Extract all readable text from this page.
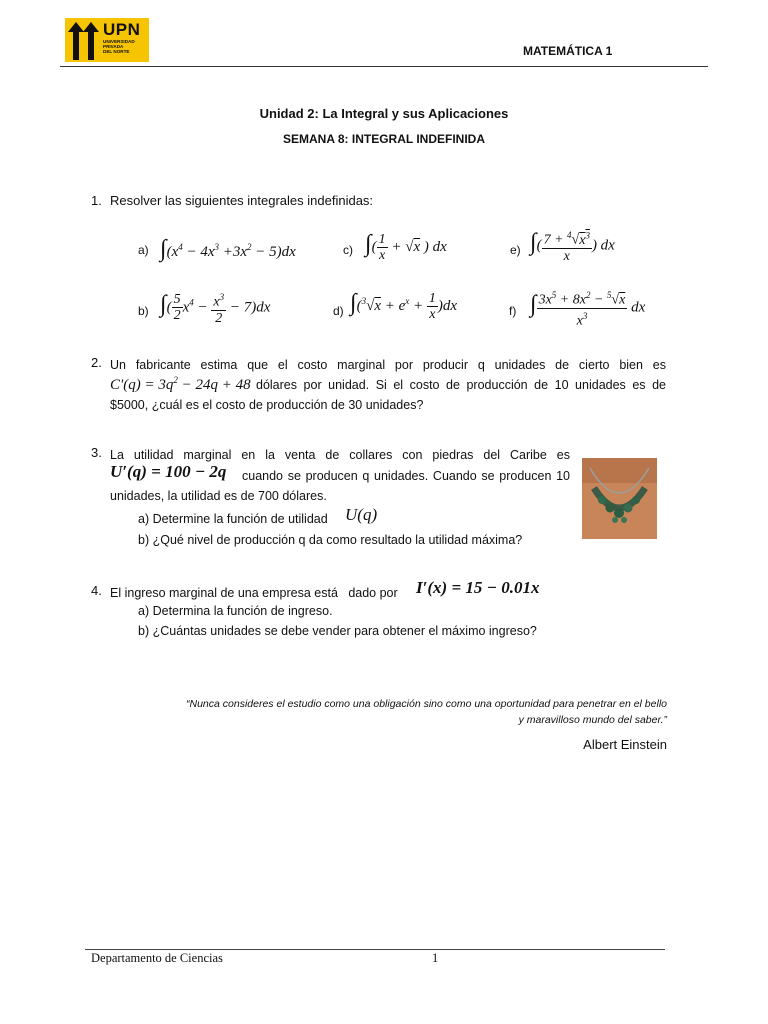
UPN
UNIVERSIDAD
PRIVADA
DEL NORTE	MATEMÁTICA 1
Unidad 2: La Integral y sus Aplicaciones
SEMANA 8: INTEGRAL INDEFINIDA
1. Resolver las siguientes integrales indefinidas:
a) $\int(x^4 - 4x^3 +3x^2 - 5)dx$	c) ∫( $\frac{1}{x} + √x$ ) dx	e) ∫( $\frac{7 + ^4√x^3}{x}$ ) dx
b) ∫( $\frac{5}{2} x^4 - \frac{x^3}{2} - 7)dx$	d) $\int(^3√x + e^x + \frac{1}{x} )dx$	f) ∫ $\frac{3x^5 + 8x^2 - ^5√x}{x^3}$ dx
2. Un fabricante estima que el costo marginal por producir q unidades de cierto bien es
$C'(q) = 3q^2 - 24q + 48$ dólares por unidad. Si el costo de producción de 10 unidades es de
$5000, ¿cuál es el costo de producción de 30 unidades?
3. La utilidad marginal en la venta de collares con piedras del Caribe es
U′(q) = 100 − 2q cuando se producen q unidades. Cuando se producen 10
unidades, la utilidad es de 700 dólares.
a) Determine la función de utilidad U(q)
b) ¿Qué nivel de producción q da como resultado la utilidad máxima?
4. El ingreso marginal de una empresa está   dado por I′(x) = 15 − 0.01x
a) Determina la función de ingreso.
b) ¿Cuántas unidades se debe vender para obtener el máximo ingreso?
“Nunca consideres el estudio como una obligación sino como una oportunidad para penetrar en el bello
y maravilloso mundo del saber.”
Albert Einstein
Departamento de Ciencias	1
